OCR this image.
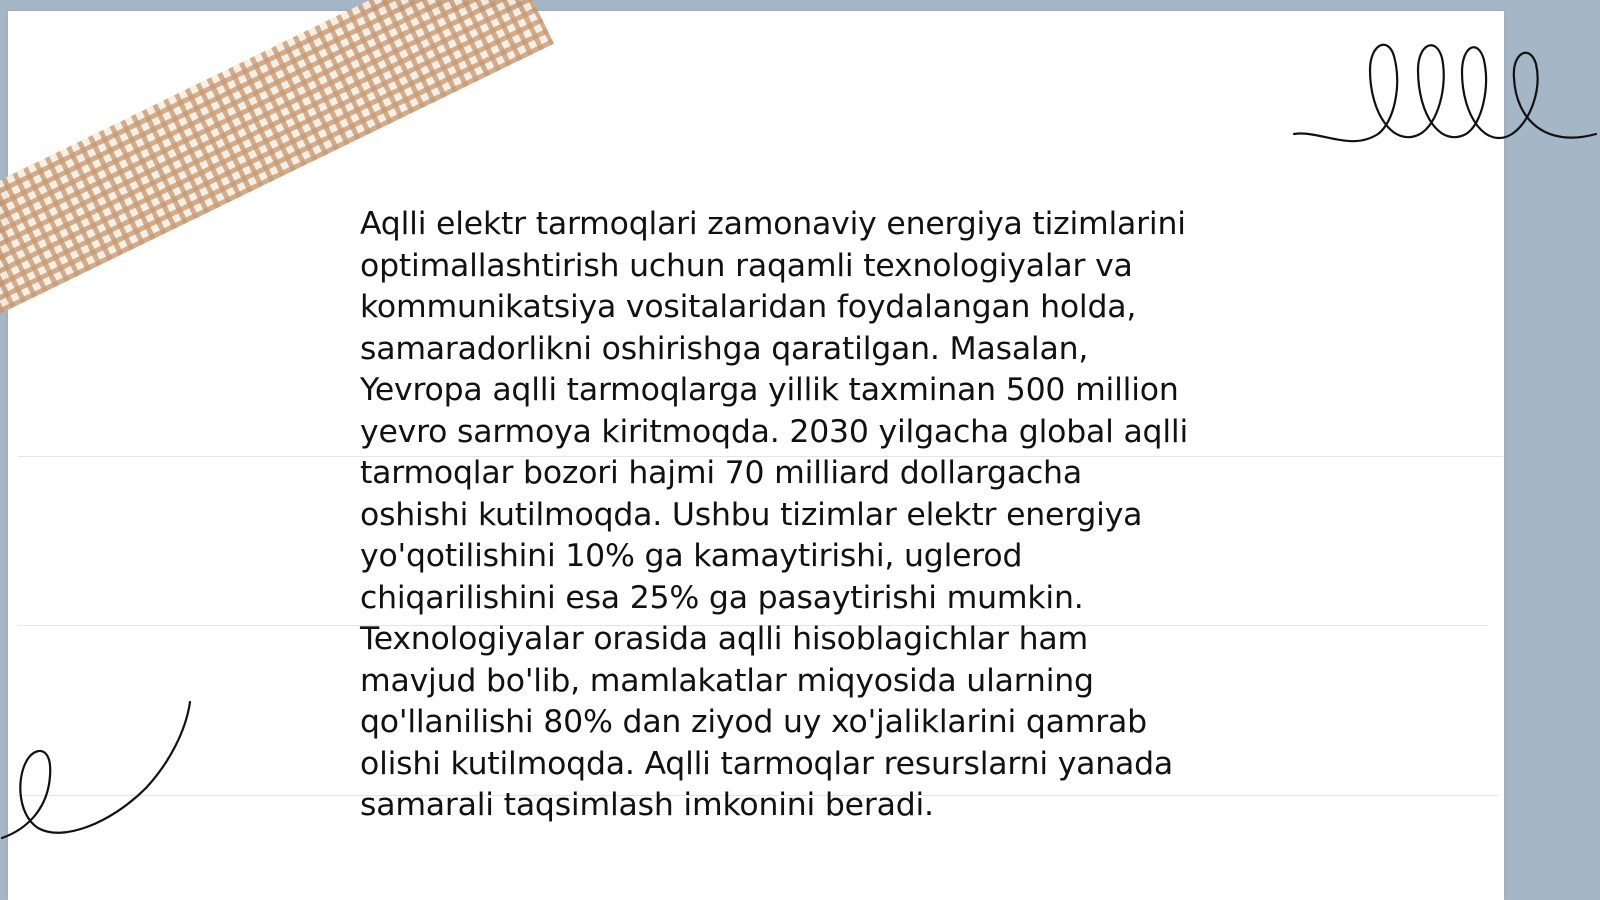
Aqlli elektr tarmoqlari zamonaviy energiya tizimlarini
optimallashtirish uchun raqamli texnologiyalar va
kommunikatsiya vositalaridan foydalangan holda,
samaradorlikni oshirishga qaratilgan. Masalan,
Yevropa aqlli tarmoqlarga yillik taxminan 500 million
yevro sarmoya kiritmoqda. 2030 yilgacha global aqlli
tarmoqlar bozori hajmi 70 milliard dollargacha
oshishi kutilmoqda. Ushbu tizimlar elektr energiya
yo'qotilishini 10% ga kamaytirishi, uglerod
chiqarilishini esa 25% ga pasaytirishi mumkin.
Texnologiyalar orasida aqlli hisoblagichlar ham
mavjud bo'lib, mamlakatlar miqyosida ularning
qo'llanilishi 80% dan ziyod uy xo'jaliklarini qamrab
olishi kutilmoqda. Aqlli tarmoqlar resurslarni yanada
samarali taqsimlash imkonini beradi.
